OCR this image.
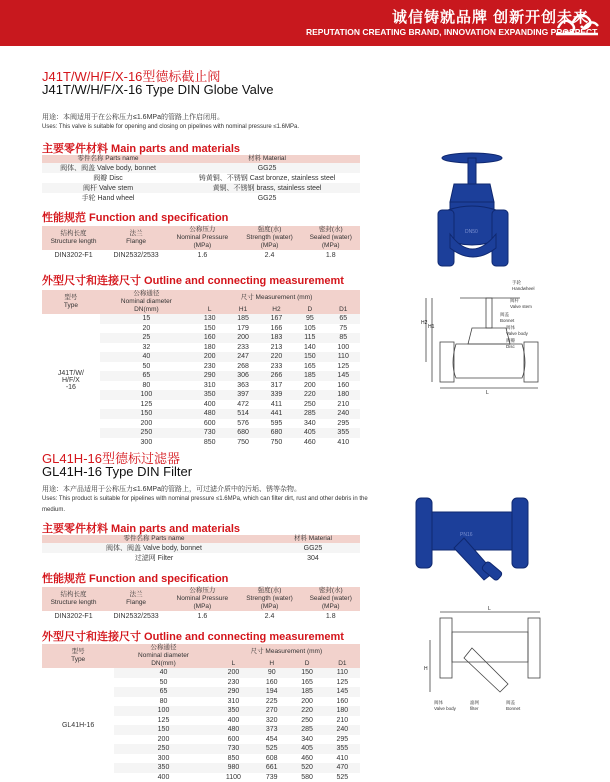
诚信铸就品牌 创新开创未来
REPUTATION CREATING BRAND, INNOVATION EXPANDING PROSPECT
J41T/W/H/F/X-16型德标截止阀
J41T/W/H/F/X-16 Type DIN Globe Valve
用途：本阀适用于在公称压力≤1.6MPa的管路上作启闭用。
Uses: This valve is suitable for opening and closing on pipelines with nominal pressure ≤1.6MPa.
主要零件材料 Main parts and materials
零件名称 Parts name	材料 Material
阀体、阀盖 Valve body, bonnet	GG25
阀瓣 Disc	铸黄铜、不锈钢 Cast bronze, stainless steel
阀杆 Valve stem	黄铜、不锈钢 brass, stainless steel
手轮 Hand wheel	GG25
性能规范 Function and specification
结构长度
Structure length	法兰
Flange	公称压力
Nominal Pressure
(MPa)	强度(水)
Strength (water)
(MPa)	密封(水)
Sealed (water)
(MPa)
DIN3202-F1	DIN2532/2533	1.6	2.4	1.8
外型尺寸和连接尺寸 Outline and connecting measurememt
型号
Type	公称通径
Nominal diameter	尺寸 Measurement (mm)				
	DN(mm)	L	H1	H2	D	D1
J41T/W/
H/F/X
-16	15	130	185	167	95	65
	20	150	179	166	105	75
	25	160	200	183	115	85
	32	180	233	213	140	100
	40	200	247	220	150	110
	50	230	268	233	165	125
	65	290	306	266	185	145
	80	310	363	317	200	160
	100	350	397	339	220	180
	125	400	472	411	250	210
	150	480	514	441	285	240
	200	600	576	595	340	295
	250	730	680	680	405	355
	300	850	750	750	460	410
DN50
H1
H2
L
手轮
Handwheel
阀杆
Valve stem
阀盖
Bonnet
阀体
Valve body
阀瓣
Disc
GL41H-16型德标过滤器
GL41H-16 Type DIN Filter
用途：本产品适用于公称压力≤1.6MPa的管路上，可过滤介质中的污垢、锈等杂物。
Uses: This product is suitable for pipelines with nominal pressure ≤1.6MPa, which can filter dirt, rust and other debris in the medium.
主要零件材料 Main parts and materials
零件名称 Parts name	材料 Material
阀体、阀盖 Valve body, bonnet	GG25
过滤网 Filter	304
性能规范 Function and specification
结构长度
Structure length	法兰
Flange	公称压力
Nominal Pressure
(MPa)	强度(水)
Strength (water)
(MPa)	密封(水)
Sealed (water)
(MPa)
DIN3202-F1	DIN2532/2533	1.6	2.4	1.8
外型尺寸和连接尺寸 Outline and connecting measurememt
型号
Type	公称通径
Nominal diameter	尺寸 Measurement (mm)			
	DN(mm)	L	H	D	D1
GL41H-16	40	200	90	150	110
	50	230	160	165	125
	65	290	194	185	145
	80	310	225	200	160
	100	350	270	220	180
	125	400	320	250	210
	150	480	373	285	240
	200	600	454	340	295
	250	730	525	405	355
	300	850	608	460	410
	350	980	661	520	470
	400	1100	739	580	525
PN16
H
L
阀体
Valve body
滤网
filter
阀盖
Bonnet
